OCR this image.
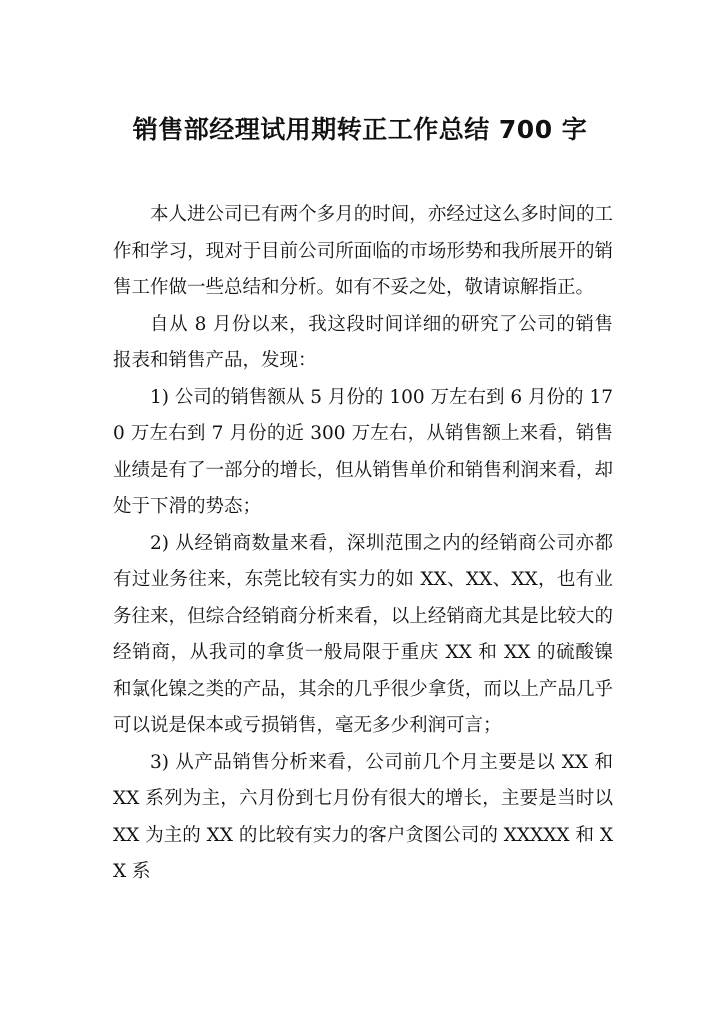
销售部经理试用期转正工作总结 700 字

本人进公司已有两个多月的时间，亦经过这么多时间的工作和学习，现对于目前公司所面临的市场形势和我所展开的销售工作做一些总结和分析。如有不妥之处，敬请谅解指正。

自从 8 月份以来，我这段时间详细的研究了公司的销售报表和销售产品，发现：

1) 公司的销售额从 5 月份的 100 万左右到 6 月份的 170 万左右到 7 月份的近 300 万左右，从销售额上来看，销售业绩是有了一部分的增长，但从销售单价和销售利润来看，却处于下滑的势态；

2) 从经销商数量来看，深圳范围之内的经销商公司亦都有过业务往来，东莞比较有实力的如 XX、XX、XX，也有业务往来，但综合经销商分析来看，以上经销商尤其是比较大的经销商，从我司的拿货一般局限于重庆 XX 和 XX 的硫酸镍和氯化镍之类的产品，其余的几乎很少拿货，而以上产品几乎可以说是保本或亏损销售，毫无多少利润可言；

3) 从产品销售分析来看，公司前几个月主要是以 XX 和 XX 系列为主，六月份到七月份有很大的增长，主要是当时以 XX 为主的 XX 的比较有实力的客户贪图公司的 XXXXX 和 XX 系
